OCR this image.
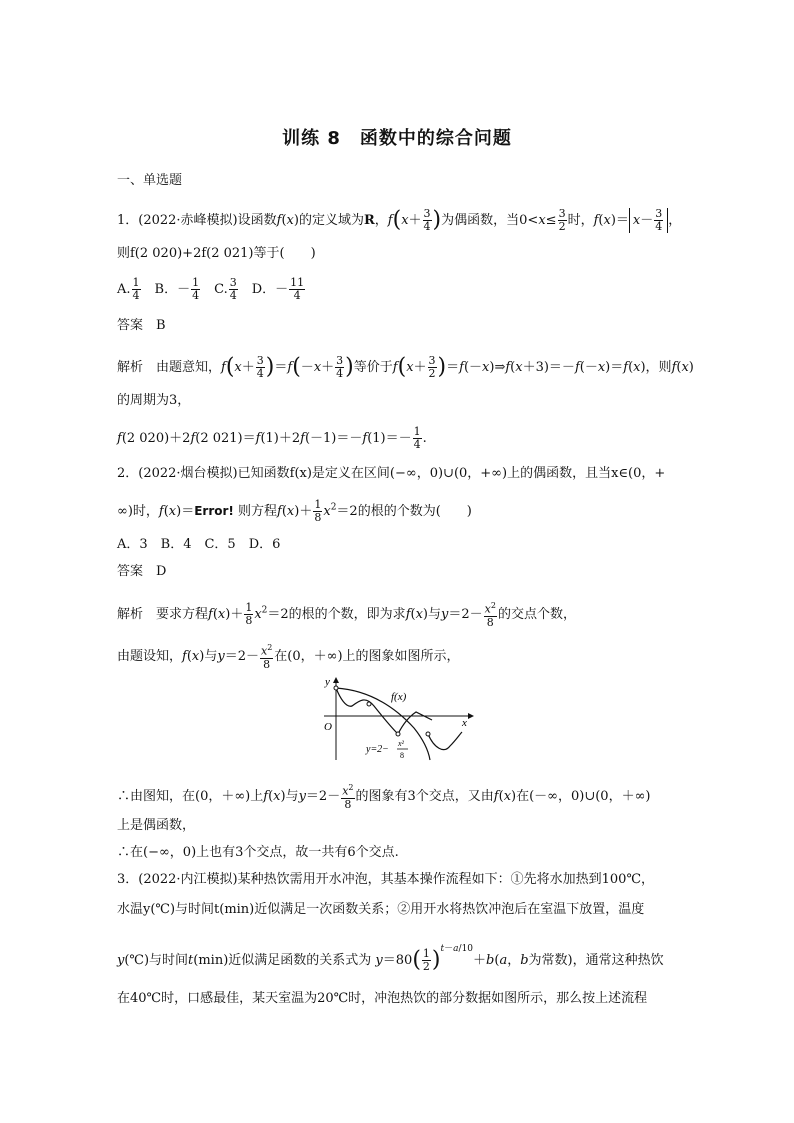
训练 8　函数中的综合问题
一、单选题
1．(2022·赤峰模拟)设函数f(x)的定义域为R，$f(x+ \frac{3}{4}$ )为偶函数，当$0<x\le \frac{3}{2}$ 时，$f(x)= x- \frac{3}{4}$ ，
则f(2 020)+2f(2 021)等于(　　)
A. $\frac{1}{4}$ 　B．－ $\frac{1}{4}$ 　C. $\frac{3}{4}$ 　D．－ $\frac{11}{4}$
答案　B
解析　由题意知，$f(x+ \frac{3}{4} )=f(-x+ \frac{3}{4}$ )等价于$f(x+ \frac{3}{2}$ )＝f(－x)⇒f(x＋3)＝－f(－x)＝f(x)，则f(x)
的周期为3，
f(2 020)＋2f(2 $021)=f(1)+2f(-1)=-f(1)=- \frac{1}{4}$ .
2．(2022·烟台模拟)已知函数f(x)是定义在区间(−∞，0)∪(0，+∞)上的偶函数，且当x∈(0，+
∞)时，f(x)＝Error! 则方程$f(x)+ \frac{1}{8} x^2=2$的根的个数为(　　)
A．3　B．4　C．5　D．6
答案　D
解析　要求方程$f(x)+ \frac{1}{8} x^2=2$的根的个数，即为求f(x)与$y=2- \frac{x^2}{8}$ 的交点个数，
由题设知，f(x)与$y=2- \frac{x^2}{8}$ 在(0，＋∞)上的图象如图所示，
y
x
O
f(x)
y=2−
x²
8
∴由图知，在(0，＋∞)上f(x)与$y=2- \frac{x^2}{8}$ 的图象有3个交点，又由f(x)在(－∞，0)∪(0，＋∞)
上是偶函数，
∴在(−∞，0)上也有3个交点，故一共有6个交点.
3．(2022·内江模拟)某种热饮需用开水冲泡，其基本操作流程如下：①先将水加热到100℃，
水温y(℃)与时间t(min)近似满足一次函数关系；②用开水将热饮冲泡后在室温下放置，温度
y(℃)与时间t(min)近似满足函数的关系式为 $y=80( \frac{1}{2} )^{t-a/10}+b(a$，b为常数)，通常这种热饮
在40℃时，口感最佳，某天室温为20℃时，冲泡热饮的部分数据如图所示，那么按上述流程
